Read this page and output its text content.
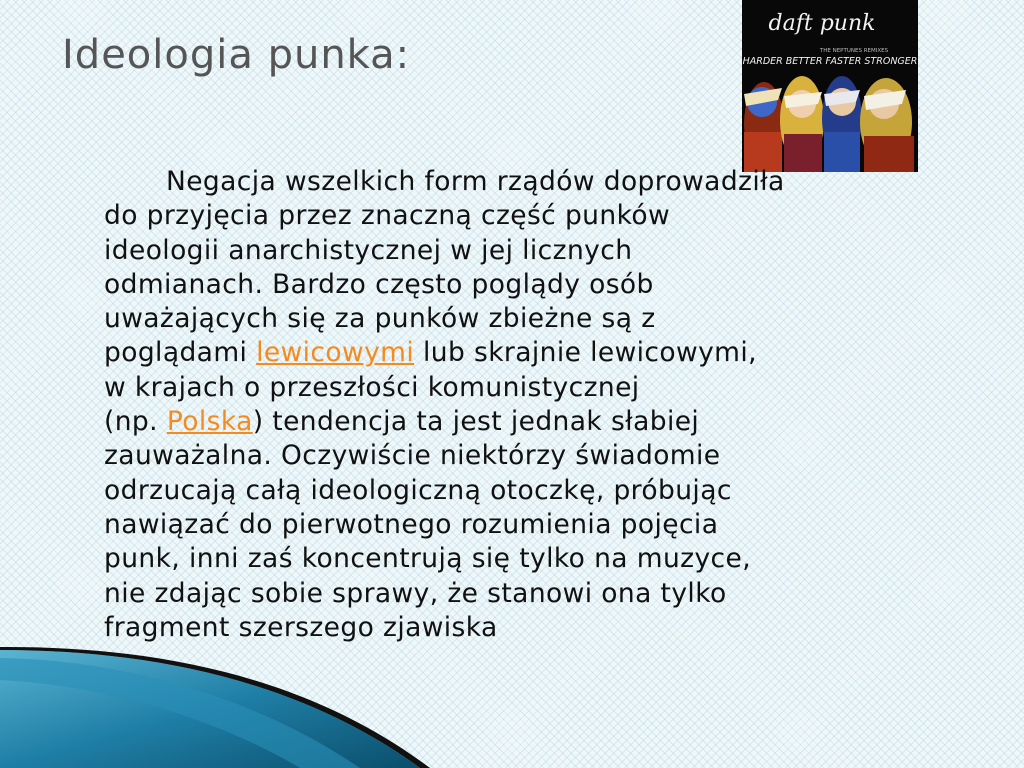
Ideologia punka:
daft punk
THE NEPTUNES REMIXES
HARDER BETTER FASTER STRONGER

Negacja wszelkich form rządów doprowadziła
do przyjęcia przez znaczną część punków
ideologii anarchistycznej w jej licznych
odmianach. Bardzo często poglądy osób
uważających się za punków zbieżne są z
poglądami lewicowymi lub skrajnie lewicowymi,
w krajach o przeszłości komunistycznej
(np. Polska) tendencja ta jest jednak słabiej
zauważalna. Oczywiście niektórzy świadomie
odrzucają całą ideologiczną otoczkę, próbując
nawiązać do pierwotnego rozumienia pojęcia
punk, inni zaś koncentrują się tylko na muzyce,
nie zdając sobie sprawy, że stanowi ona tylko
fragment szerszego zjawiska
